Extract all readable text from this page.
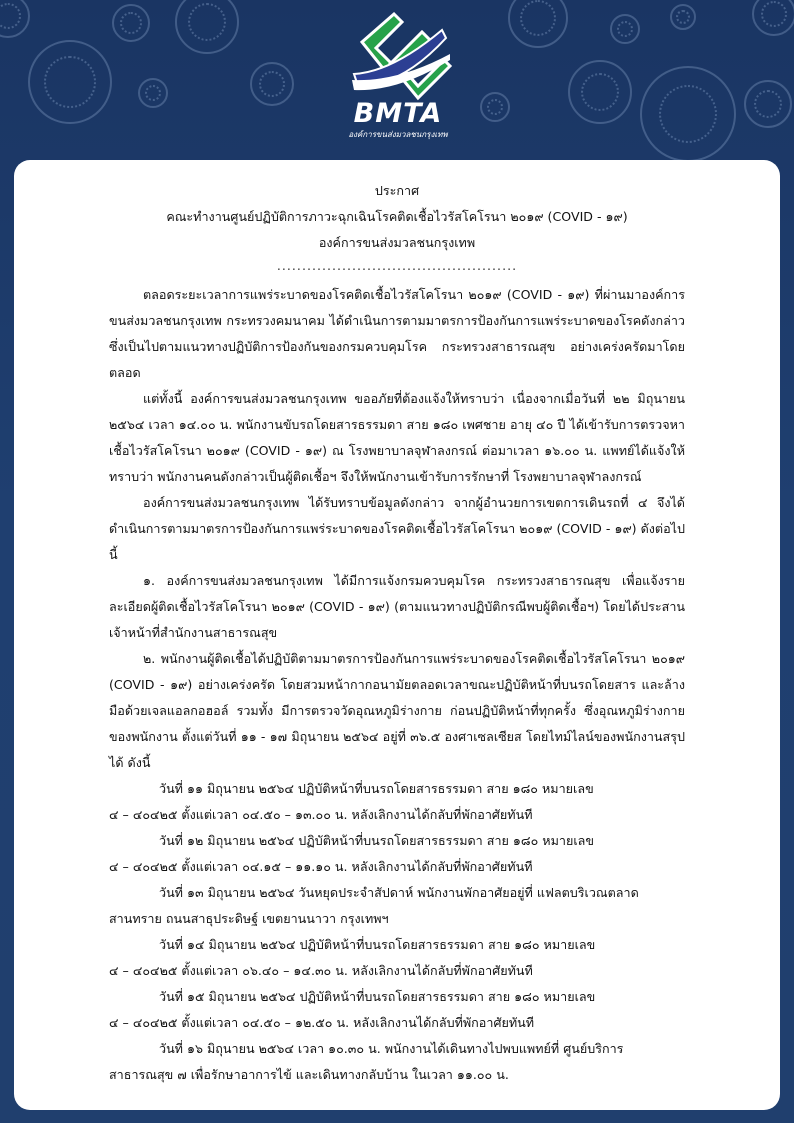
BMTA
องค์การขนส่งมวลชนกรุงเทพ
ประกาศ
คณะทำงานศูนย์ปฏิบัติการภาวะฉุกเฉินโรคติดเชื้อไวรัสโคโรนา ๒๐๑๙ (COVID - ๑๙)
องค์การขนส่งมวลชนกรุงเทพ
................................................

ตลอดระยะเวลาการแพร่ระบาดของโรคติดเชื้อไวรัสโคโรนา ๒๐๑๙ (COVID - ๑๙) ที่ผ่านมาองค์การขนส่งมวลชนกรุงเทพ กระทรวงคมนาคม ได้ดำเนินการตามมาตรการป้องกันการแพร่ระบาดของโรคดังกล่าวซึ่งเป็นไปตามแนวทางปฏิบัติการป้องกันของกรมควบคุมโรค กระทรวงสาธารณสุข อย่างเคร่งครัดมาโดยตลอด

แต่ทั้งนี้ องค์การขนส่งมวลชนกรุงเทพ ขออภัยที่ต้องแจ้งให้ทราบว่า เนื่องจากเมื่อวันที่ ๒๒ มิถุนายน ๒๕๖๔ เวลา ๑๔.๐๐ น. พนักงานขับรถโดยสารธรรมดา สาย ๑๘๐ เพศชาย อายุ ๔๐ ปี ได้เข้ารับการตรวจหาเชื้อไวรัสโคโรนา ๒๐๑๙ (COVID - ๑๙) ณ โรงพยาบาลจุฬาลงกรณ์ ต่อมาเวลา ๑๖.๐๐ น. แพทย์ได้แจ้งให้ทราบว่า พนักงานคนดังกล่าวเป็นผู้ติดเชื้อฯ จึงให้พนักงานเข้ารับการรักษาที่ โรงพยาบาลจุฬาลงกรณ์

องค์การขนส่งมวลชนกรุงเทพ ได้รับทราบข้อมูลดังกล่าว จากผู้อำนวยการเขตการเดินรถที่ ๔ จึงได้ดำเนินการตามมาตรการป้องกันการแพร่ระบาดของโรคติดเชื้อไวรัสโคโรนา ๒๐๑๙ (COVID - ๑๙) ดังต่อไปนี้

๑. องค์การขนส่งมวลชนกรุงเทพ ได้มีการแจ้งกรมควบคุมโรค กระทรวงสาธารณสุข เพื่อแจ้งรายละเอียดผู้ติดเชื้อไวรัสโคโรนา ๒๐๑๙ (COVID - ๑๙) (ตามแนวทางปฏิบัติกรณีพบผู้ติดเชื้อฯ) โดยได้ประสานเจ้าหน้าที่สำนักงานสาธารณสุข

๒. พนักงานผู้ติดเชื้อได้ปฏิบัติตามมาตรการป้องกันการแพร่ระบาดของโรคติดเชื้อไวรัสโคโรนา ๒๐๑๙ (COVID - ๑๙) อย่างเคร่งครัด โดยสวมหน้ากากอนามัยตลอดเวลาขณะปฏิบัติหน้าที่บนรถโดยสาร และล้างมือด้วยเจลแอลกอฮอล์ รวมทั้ง มีการตรวจวัดอุณหภูมิร่างกาย ก่อนปฏิบัติหน้าที่ทุกครั้ง ซึ่งอุณหภูมิร่างกายของพนักงาน ตั้งแต่วันที่ ๑๑ - ๑๗ มิถุนายน ๒๕๖๔ อยู่ที่ ๓๖.๕ องศาเซลเซียส โดยไทม์ไลน์ของพนักงานสรุปได้ ดังนี้

วันที่ ๑๑ มิถุนายน ๒๕๖๔ ปฏิบัติหน้าที่บนรถโดยสารธรรมดา สาย ๑๘๐ หมายเลข

๔ – ๔๐๔๒๕ ตั้งแต่เวลา ๐๔.๕๐ – ๑๓.๐๐ น. หลังเลิกงานได้กลับที่พักอาศัยทันที

วันที่ ๑๒ มิถุนายน ๒๕๖๔ ปฏิบัติหน้าที่บนรถโดยสารธรรมดา สาย ๑๘๐ หมายเลข

๔ – ๔๐๔๒๕ ตั้งแต่เวลา ๐๔.๑๕ – ๑๑.๑๐ น. หลังเลิกงานได้กลับที่พักอาศัยทันที

วันที่ ๑๓ มิถุนายน ๒๕๖๔ วันหยุดประจำสัปดาห์ พนักงานพักอาศัยอยู่ที่ แฟลตบริเวณตลาด

สานทราย ถนนสาธุประดิษฐ์ เขตยานนาวา กรุงเทพฯ

วันที่ ๑๔ มิถุนายน ๒๕๖๔ ปฏิบัติหน้าที่บนรถโดยสารธรรมดา สาย ๑๘๐ หมายเลข

๔ – ๔๐๔๒๕ ตั้งแต่เวลา ๐๖.๔๐ – ๑๔.๓๐ น. หลังเลิกงานได้กลับที่พักอาศัยทันที

วันที่ ๑๕ มิถุนายน ๒๕๖๔ ปฏิบัติหน้าที่บนรถโดยสารธรรมดา สาย ๑๘๐ หมายเลข

๔ – ๔๐๔๒๕ ตั้งแต่เวลา ๐๔.๕๐ – ๑๒.๕๐ น. หลังเลิกงานได้กลับที่พักอาศัยทันที

วันที่ ๑๖ มิถุนายน ๒๕๖๔ เวลา ๑๐.๓๐ น. พนักงานได้เดินทางไปพบแพทย์ที่ ศูนย์บริการ

สาธารณสุข ๗ เพื่อรักษาอาการไข้ และเดินทางกลับบ้าน ในเวลา ๑๑.๐๐ น.
